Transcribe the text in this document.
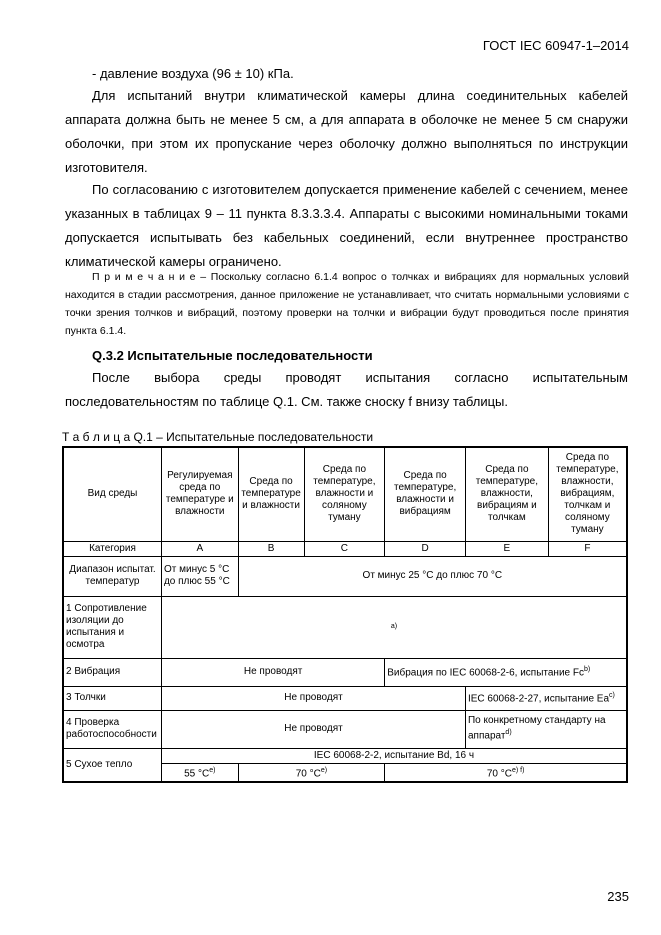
ГОСТ IEC 60947-1–2014
- давление воздуха (96 ± 10) кПа.
Для испытаний внутри климатической камеры длина соединительных кабелей аппарата должна быть не менее 5 см, а для аппарата в оболочке не менее 5 см снаружи оболочки, при этом их пропускание через оболочку должно выполняться по инструкции изготовителя.
По согласованию с изготовителем допускается применение кабелей с сечением, менее указанных в таблицах 9 – 11 пункта 8.3.3.3.4. Аппараты с высокими номинальными токами допускается испытывать без кабельных соединений, если внутреннее пространство климатической камеры ограничено.
П р и м е ч а н и е – Поскольку согласно 6.1.4 вопрос о толчках и вибрациях для нормальных условий находится в стадии рассмотрения, данное приложение не устанавливает, что считать нормальными условиями с точки зрения толчков и вибраций, поэтому проверки на толчки и вибрации будут проводиться после принятия пункта 6.1.4.
Q.3.2 Испытательные последовательности
После выбора среды проводят испытания согласно испытательным последовательностям по таблице Q.1. См. также сноску f внизу таблицы.
Т а б л и ц а Q.1 – Испытательные последовательности
Вид среды	Регулируемая среда по температуре и влажности	Среда по температуре и влажности	Среда по температуре, влажности и соляному туману	Среда по температуре, влажности и вибрациям	Среда по температуре, влажности, вибрациям и толчкам	Среда по температуре, влажности, вибрациям, толчкам и соляному туману
Категория	A	B	C	D	E	F
Диапазон испытат. температур	От минус 5 °С до плюс 55 °С	От минус 25 °С до плюс 70 °С				
1 Сопротивление изоляции до испытания и осмотра	a)					
2 Вибрация	Не проводят			Вибрация по IEC 60068-2-6, испытание Fc$^{b)}$
3 Толчки	Не проводят				IEC 60068-2-27, испытание Ea$^{c)}$
4 Проверка работоспособности	Не проводят				По конкретному стандарту на аппарат$^{d)}$
5 Сухое тепло	IEC 60068-2-2, испытание Bd, 16 ч					
	55 $^\circ С^{e)}$	70 $^\circ С^{e)}$		70 $^\circ С^{e) f)}$
235
